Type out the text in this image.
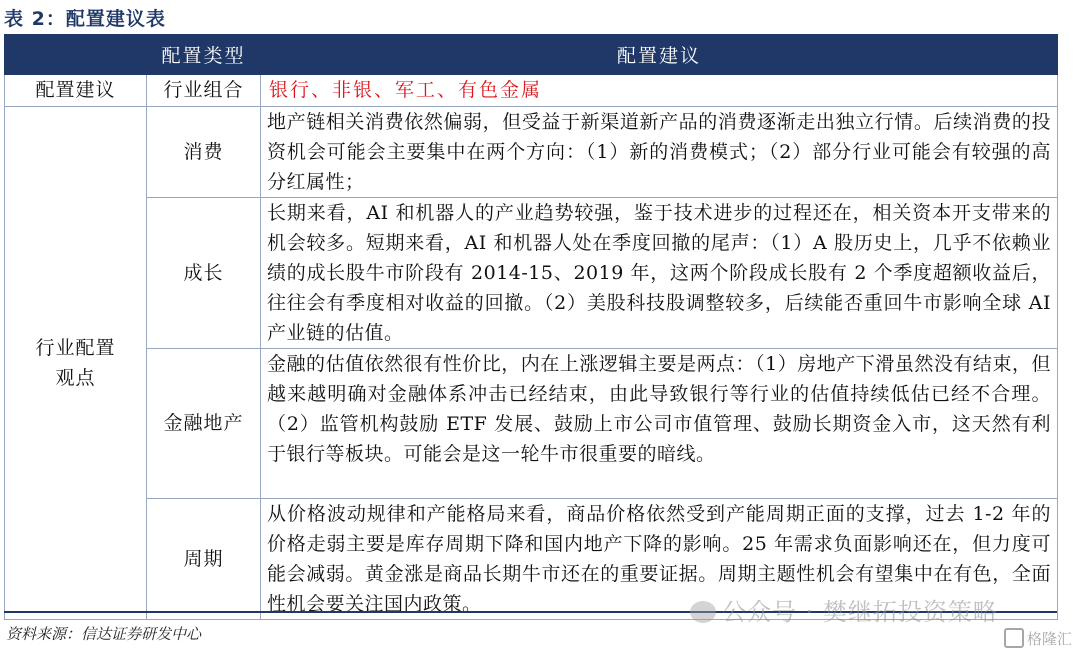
表 2：配置建议表
	配置类型	配置建议
配置建议	行业组合	银行、非银、军工、有色金属

行业配置观点	消费	地产链相关消费依然偏弱，但受益于新渠道新产品的消费逐渐走出独立行情。后续消费的投资机会可能会主要集中在两个方向：（1）新的消费模式；（2）部分行业可能会有较强的高分红属性；
	成长	长期来看，AI 和机器人的产业趋势较强，鉴于技术进步的过程还在，相关资本开支带来的机会较多。短期来看，AI 和机器人处在季度回撤的尾声：（1）A 股历史上，几乎不依赖业绩的成长股牛市阶段有 2014-15、2019 年，这两个阶段成长股有 2 个季度超额收益后，往往会有季度相对收益的回撤。（2）美股科技股调整较多，后续能否重回牛市影响全球 AI 产业链的估值。
	金融地产	金融的估值依然很有性价比，内在上涨逻辑主要是两点：（1）房地产下滑虽然没有结束，但越来越明确对金融体系冲击已经结束，由此导致银行等行业的估值持续低估已经不合理。（2）监管机构鼓励 ETF 发展、鼓励上市公司市值管理、鼓励长期资金入市，这天然有利于银行等板块。可能会是这一轮牛市很重要的暗线。
	周期	从价格波动规律和产能格局来看，商品价格依然受到产能周期正面的支撑，过去 1-2 年的价格走弱主要是库存周期下降和国内地产下降的影响。25 年需求负面影响还在，但力度可能会减弱。黄金涨是商品长期牛市还在的重要证据。周期主题性机会有望集中在有色，全面性机会要关注国内政策。	公众号 · 樊继拓投资策略
资料来源：信达证券研发中心	格隆汇
